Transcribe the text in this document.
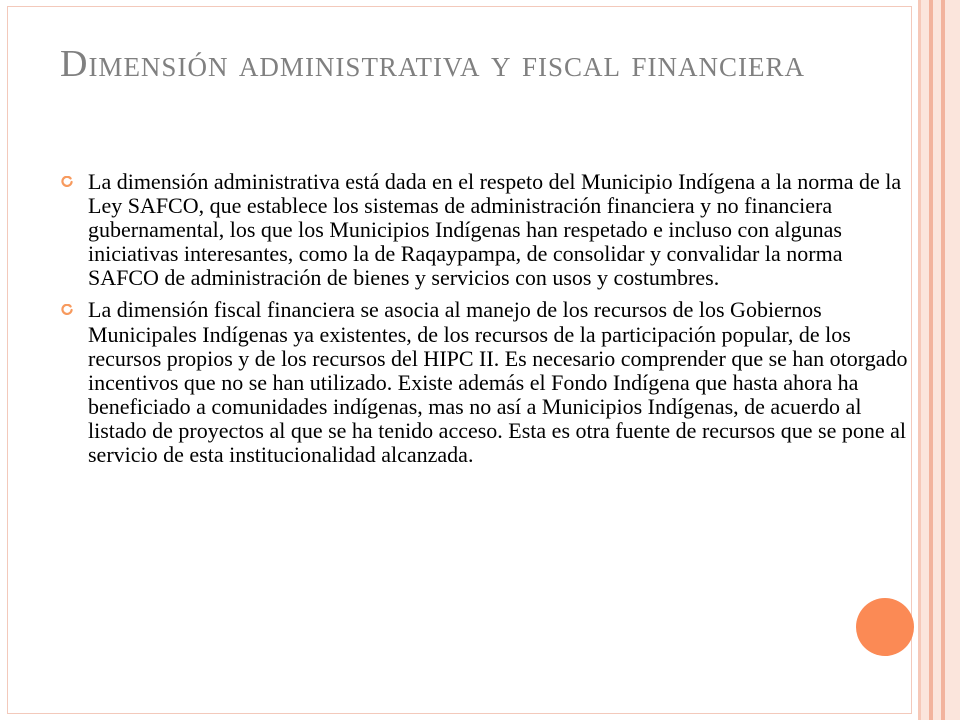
Dimensión administrativa y fiscal financiera
La dimensión administrativa está dada en el respeto del Municipio Indígena a la norma de la Ley SAFCO, que establece los sistemas de administración financiera y no financiera gubernamental, los que los Municipios Indígenas han respetado e incluso con algunas iniciativas interesantes, como la de Raqaypampa, de consolidar y convalidar la norma SAFCO de administración de bienes y servicios con usos y costumbres.
La dimensión fiscal financiera se asocia al manejo de los recursos de los Gobiernos Municipales Indígenas ya existentes, de los recursos de la participación popular, de los recursos propios y de los recursos del HIPC II. Es necesario comprender que se han otorgado incentivos que no se han utilizado. Existe además el Fondo Indígena que hasta ahora ha beneficiado a comunidades indígenas, mas no así a Municipios Indígenas, de acuerdo al listado de proyectos al que se ha tenido acceso. Esta es otra fuente de recursos que se pone al servicio de esta institucionalidad alcanzada.
